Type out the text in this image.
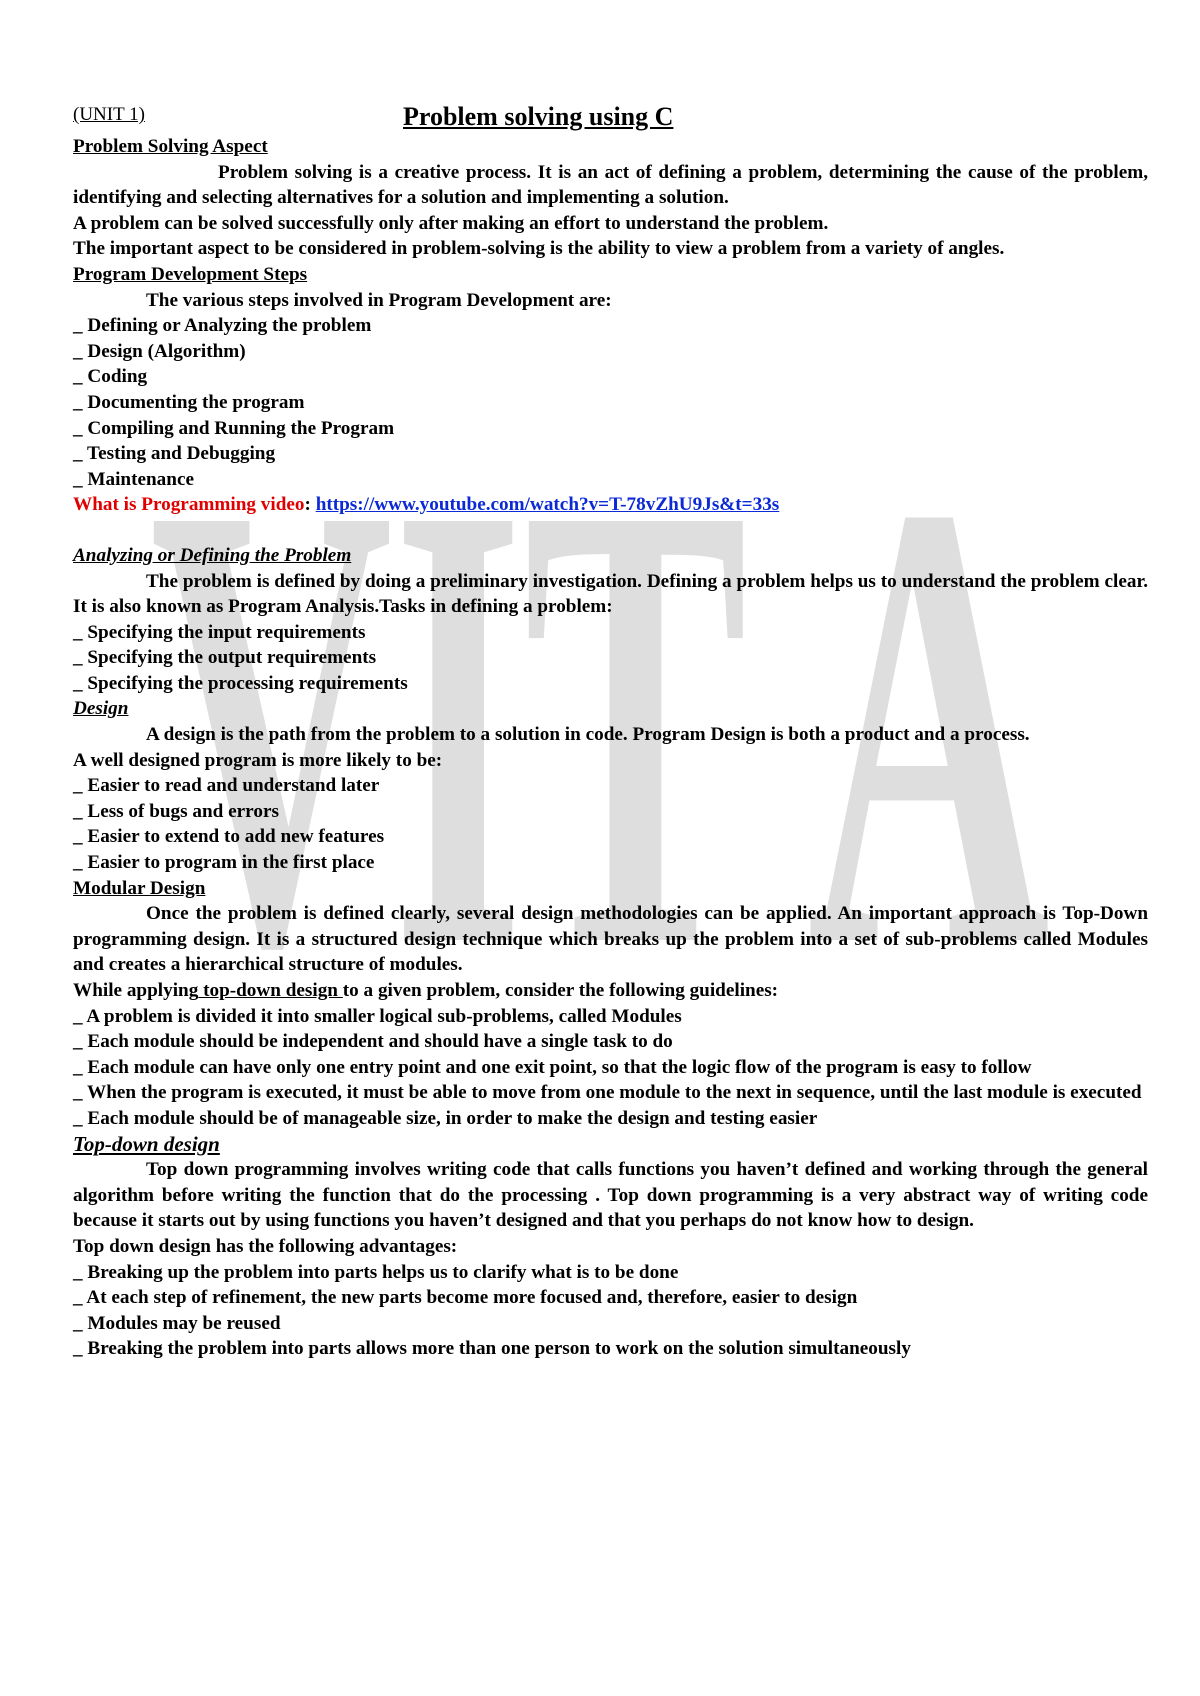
VIT A
(UNIT 1)	Problem solving using C

Problem Solving Aspect

Problem solving is a creative process. It is an act of defining a problem, determining the cause of the problem, identifying and selecting alternatives for a solution and implementing a solution.

A problem can be solved successfully only after making an effort to understand the problem.

The important aspect to be considered in problem-solving is the ability to view a problem from a variety of angles.

Program Development Steps

The various steps involved in Program Development are:

_ Defining or Analyzing the problem

_ Design (Algorithm)

_ Coding

_ Documenting the program

_ Compiling and Running the Program

_ Testing and Debugging

_ Maintenance

What is Programming video: https://www.youtube.com/watch?v=T-78vZhU9Js&t=33s

Analyzing or Defining the Problem

The problem is defined by doing a preliminary investigation. Defining a problem helps us to understand the problem clear. It is also known as Program Analysis.Tasks in defining a problem:

_ Specifying the input requirements

_ Specifying the output requirements

_ Specifying the processing requirements

Design

A design is the path from the problem to a solution in code. Program Design is both a product and a process.

A well designed program is more likely to be:

_ Easier to read and understand later

_ Less of bugs and errors

_ Easier to extend to add new features

_ Easier to program in the first place

Modular Design

Once the problem is defined clearly, several design methodologies can be applied. An important approach is Top-Down programming design. It is a structured design technique which breaks up the problem into a set of sub-problems called Modules and creates a hierarchical structure of modules.

While applying top-down design to a given problem, consider the following guidelines:

_ A problem is divided it into smaller logical sub-problems, called Modules

_ Each module should be independent and should have a single task to do

_ Each module can have only one entry point and one exit point, so that the logic flow of the program is easy to follow

_ When the program is executed, it must be able to move from one module to the next in sequence, until the last module is executed

_ Each module should be of manageable size, in order to make the design and testing easier

Top-down design

Top down programming involves writing code that calls functions you haven’t defined and working through the general algorithm before writing the function that do the processing . Top down programming is a very abstract way of writing code because it starts out by using functions you haven’t designed and that you perhaps do not know how to design.

Top down design has the following advantages:

_ Breaking up the problem into parts helps us to clarify what is to be done

_ At each step of refinement, the new parts become more focused and, therefore, easier to design

_ Modules may be reused

_ Breaking the problem into parts allows more than one person to work on the solution simultaneously
